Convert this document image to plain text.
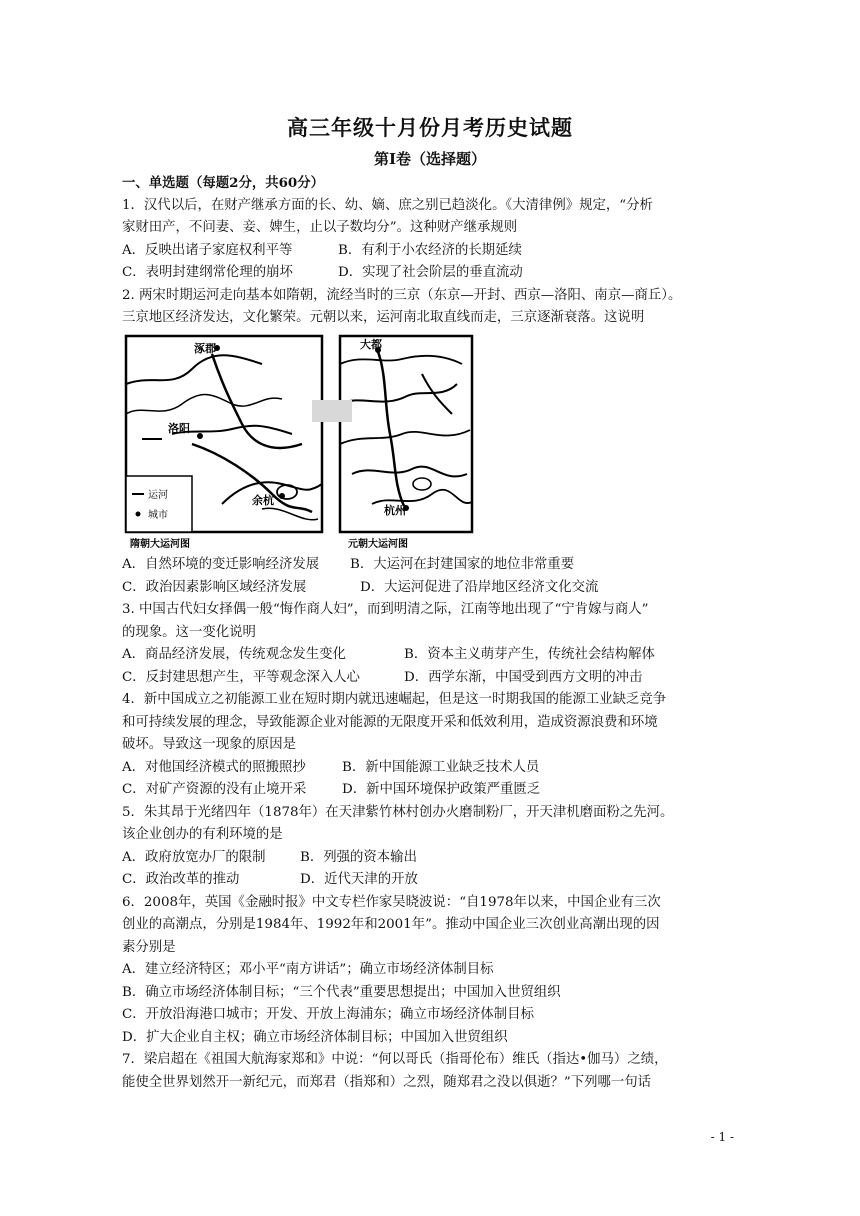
高三年级十月份月考历史试题
第Ⅰ卷（选择题）
一、单选题（每题2分，共60分）
1．汉代以后，在财产继承方面的长、幼、嫡、庶之别已趋淡化。《大清律例》规定，“分析
家财田产，不问妻、妾、婢生，止以子数均分”。这种财产继承规则
A．反映出诸子家庭权利平等	B．有利于小农经济的长期延续
C．表明封建纲常伦理的崩坏	D．实现了社会阶层的垂直流动
2. 两宋时期运河走向基本如隋朝，流经当时的三京（东京—开封、西京—洛阳、南京—商丘）。
三京地区经济发达，文化繁荣。元朝以来，运河南北取直线而走，三京逐渐衰落。这说明
涿郡
洛阳
余杭
运河
城市
隋朝大运河图
大都
杭州
元朝大运河图
A．自然环境的变迁影响经济发展	B．大运河在封建国家的地位非常重要
C．政治因素影响区域经济发展	D．大运河促进了沿岸地区经济文化交流
3. 中国古代妇女择偶一般“悔作商人妇”，而到明清之际，江南等地出现了“宁肯嫁与商人”
的现象。这一变化说明
A．商品经济发展，传统观念发生变化	B．资本主义萌芽产生，传统社会结构解体
C．反封建思想产生，平等观念深入人心	D．西学东渐，中国受到西方文明的冲击
4．新中国成立之初能源工业在短时期内就迅速崛起，但是这一时期我国的能源工业缺乏竞争
和可持续发展的理念，导致能源企业对能源的无限度开采和低效利用，造成资源浪费和环境
破坏。导致这一现象的原因是
A．对他国经济模式的照搬照抄	B．新中国能源工业缺乏技术人员
C．对矿产资源的没有止境开采	D．新中国环境保护政策严重匮乏
5．朱其昂于光绪四年（1878年）在天津紫竹林村创办火磨制粉厂，开天津机磨面粉之先河。
该企业创办的有利环境的是
A．政府放宽办厂的限制	B．列强的资本输出
C．政治改革的推动	D．近代天津的开放
6．2008年，英国《金融时报》中文专栏作家吴晓波说：“自1978年以来，中国企业有三次
创业的高潮点，分别是1984年、1992年和2001年”。推动中国企业三次创业高潮出现的因
素分别是
A．建立经济特区；邓小平“南方讲话”；确立市场经济体制目标
B．确立市场经济体制目标；“三个代表”重要思想提出；中国加入世贸组织
C．开放沿海港口城市；开发、开放上海浦东；确立市场经济体制目标
D．扩大企业自主权；确立市场经济体制目标；中国加入世贸组织
7．梁启超在《祖国大航海家郑和》中说：“何以哥氏（指哥伦布）维氏（指达•伽马）之绩，
能使全世界划然开一新纪元，而郑君（指郑和）之烈，随郑君之没以俱逝？”下列哪一句话
- 1 -
